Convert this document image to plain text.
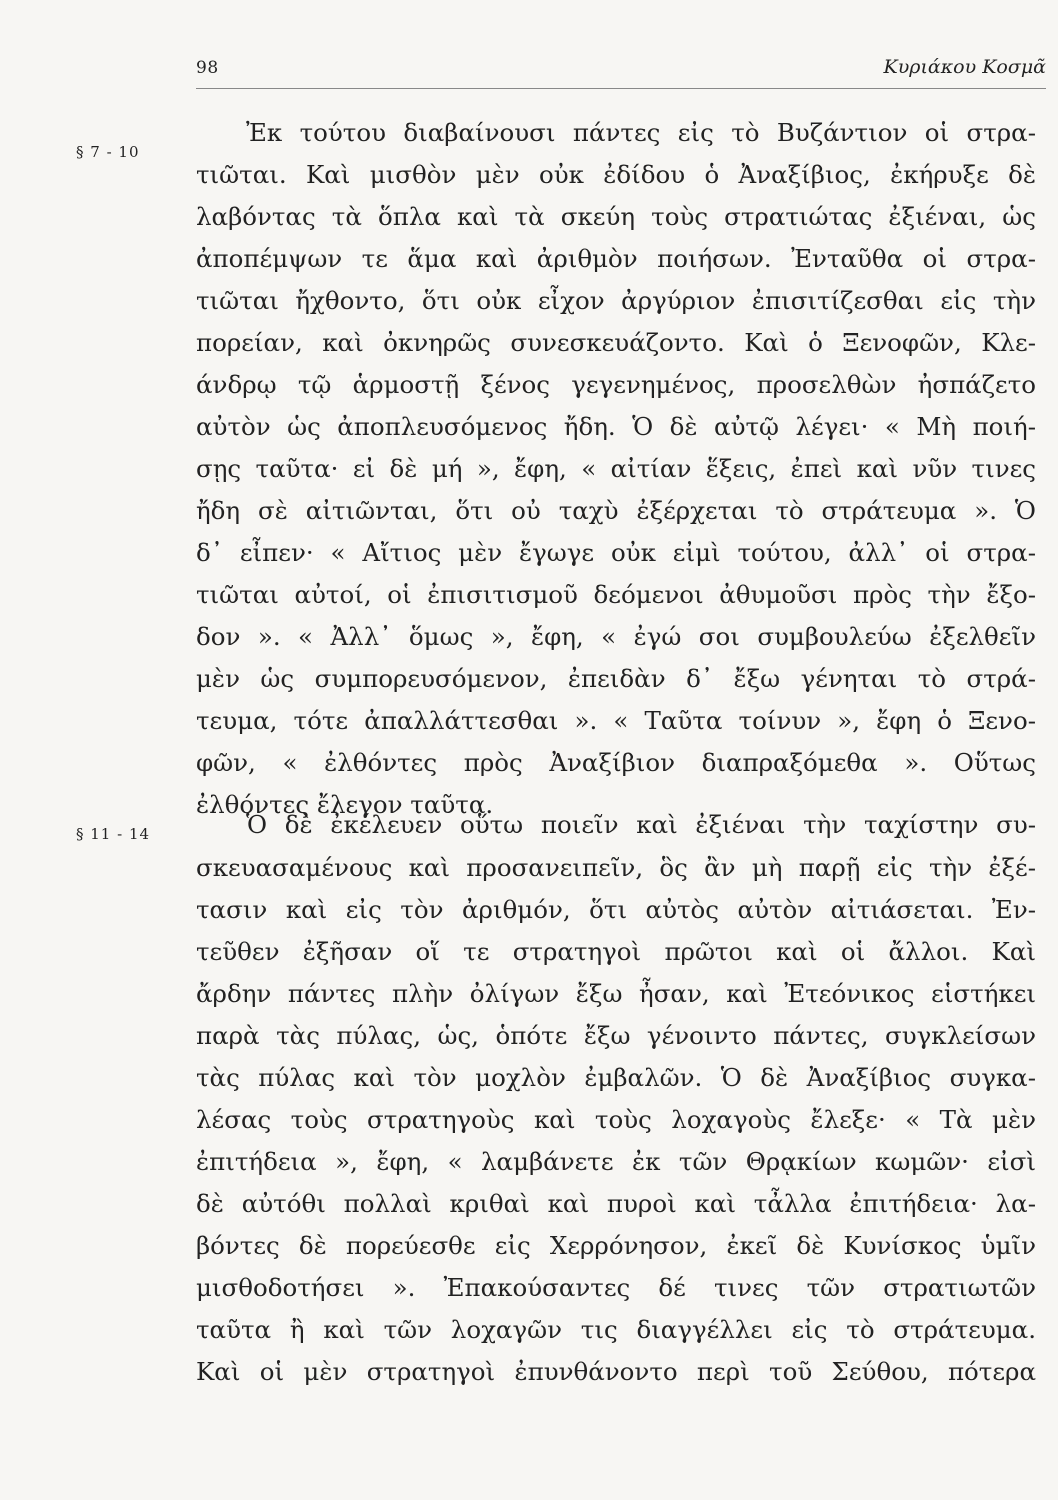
98	Κυριάκου Κοσμᾶ
§ 7 - 10
Ἐκ τούτου διαβαίνουσι πάντες εἰς τὸ Βυζάντιον οἱ στρα-
τιῶται. Καὶ μισθὸν μὲν οὐκ ἐδίδου ὁ Ἀναξίβιος, ἐκήρυξε δὲ
λαβόντας τὰ ὅπλα καὶ τὰ σκεύη τοὺς στρατιώτας ἐξιέναι, ὡς
ἀποπέμψων τε ἅμα καὶ ἀριθμὸν ποιήσων. Ἐνταῦθα οἱ στρα-
τιῶται ἤχθοντο, ὅτι οὐκ εἶχον ἀργύριον ἐπισιτίζεσθαι εἰς τὴν
πορείαν, καὶ ὀκνηρῶς συνεσκευάζοντο. Καὶ ὁ Ξενοφῶν, Κλε-
άνδρῳ τῷ ἁρμοστῇ ξένος γεγενημένος, προσελθὼν ἠσπάζετο
αὐτὸν ὡς ἀποπλευσόμενος ἤδη. Ὁ δὲ αὐτῷ λέγει· « Μὴ ποιή-
σῃς ταῦτα· εἰ δὲ μή », ἔφη, « αἰτίαν ἕξεις, ἐπεὶ καὶ νῦν τινες
ἤδη σὲ αἰτιῶνται, ὅτι οὐ ταχὺ ἐξέρχεται τὸ στράτευμα ». Ὁ
δ᾽ εἶπεν· « Αἴτιος μὲν ἔγωγε οὐκ εἰμὶ τούτου, ἀλλ᾽ οἱ στρα-
τιῶται αὐτοί, οἱ ἐπισιτισμοῦ δεόμενοι ἀθυμοῦσι πρὸς τὴν ἔξο-
δον ». « Ἀλλ᾽ ὅμως », ἔφη, « ἐγώ σοι συμβουλεύω ἐξελθεῖν
μὲν ὡς συμπορευσόμενον, ἐπειδὰν δ᾽ ἔξω γένηται τὸ στρά-
τευμα, τότε ἀπαλλάττεσθαι ». « Ταῦτα τοίνυν », ἔφη ὁ Ξενο-
φῶν, « ἐλθόντες πρὸς Ἀναξίβιον διαπραξόμεθα ». Οὕτως
ἐλθόντες ἔλεγον ταῦτα.
§ 11 - 14	Ὁ δὲ ἐκέλευεν οὕτω ποιεῖν καὶ ἐξιέναι τὴν ταχίστην συ-
σκευασαμένους καὶ προσανειπεῖν, ὃς ἂν μὴ παρῇ εἰς τὴν ἐξέ-
τασιν καὶ εἰς τὸν ἀριθμόν, ὅτι αὐτὸς αὐτὸν αἰτιάσεται. Ἐν-
τεῦθεν ἐξῆσαν οἵ τε στρατηγοὶ πρῶτοι καὶ οἱ ἄλλοι. Καὶ
ἄρδην πάντες πλὴν ὀλίγων ἔξω ἦσαν, καὶ Ἐτεόνικος εἱστήκει
παρὰ τὰς πύλας, ὡς, ὁπότε ἔξω γένοιντο πάντες, συγκλείσων
τὰς πύλας καὶ τὸν μοχλὸν ἐμβαλῶν. Ὁ δὲ Ἀναξίβιος συγκα-
λέσας τοὺς στρατηγοὺς καὶ τοὺς λοχαγοὺς ἔλεξε· « Τὰ μὲν
ἐπιτήδεια », ἔφη, « λαμβάνετε ἐκ τῶν Θρᾳκίων κωμῶν· εἰσὶ
δὲ αὐτόθι πολλαὶ κριθαὶ καὶ πυροὶ καὶ τἆλλα ἐπιτήδεια· λα-
βόντες δὲ πορεύεσθε εἰς Χερρόνησον, ἐκεῖ δὲ Κυνίσκος ὑμῖν
μισθοδοτήσει ». Ἐπακούσαντες δέ τινες τῶν στρατιωτῶν
ταῦτα ἢ καὶ τῶν λοχαγῶν τις διαγγέλλει εἰς τὸ στράτευμα.
Καὶ οἱ μὲν στρατηγοὶ ἐπυνθάνοντο περὶ τοῦ Σεύθου, πότερα
